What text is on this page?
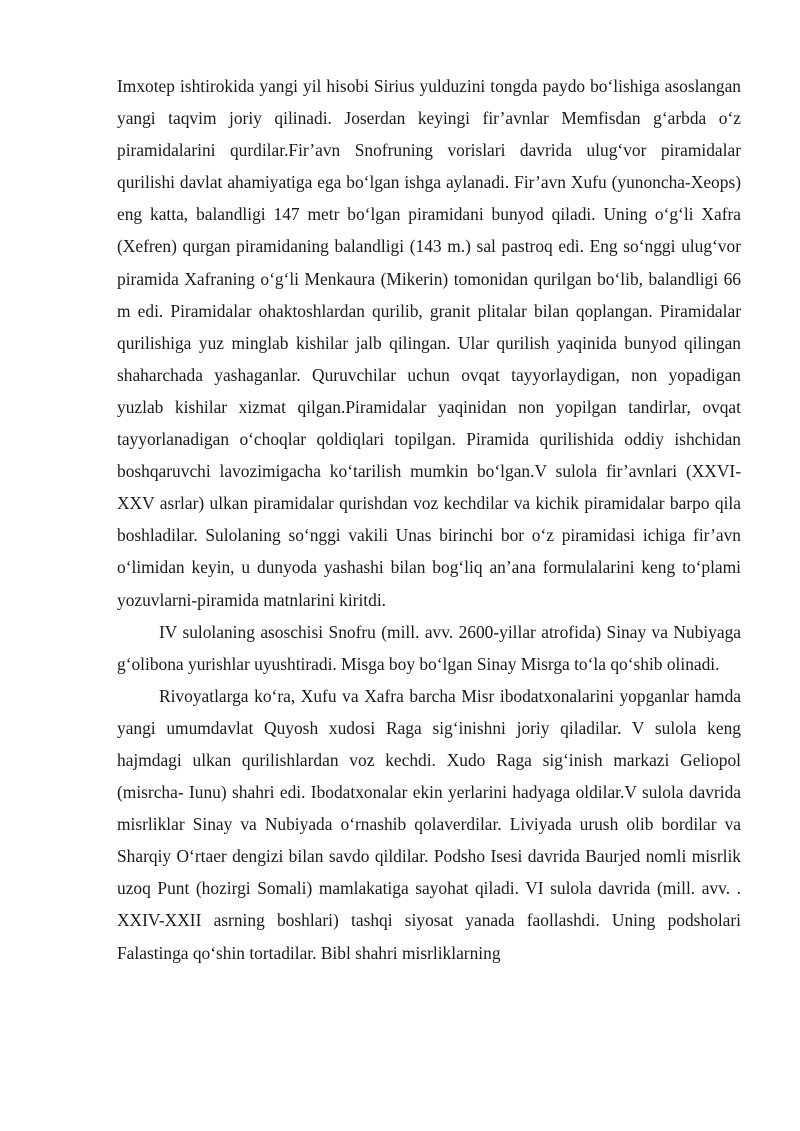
Imxotep ishtirokida yangi yil hisobi Sirius yulduzini tongda paydo bo‘lishiga asoslangan yangi taqvim joriy qilinadi. Joserdan keyingi fir’avnlar Memfisdan g‘arbda o‘z piramidalarini qurdilar.Fir’avn Snofruning vorislari davrida ulug‘vor piramidalar qurilishi davlat ahamiyatiga ega bo‘lgan ishga aylanadi. Fir’avn Xufu (yunoncha-Xeops) eng katta, balandligi 147 metr bo‘lgan piramidani bunyod qiladi. Uning o‘g‘li Xafra (Xefren) qurgan piramidaning balandligi (143 m.) sal pastroq edi. Eng so‘nggi ulug‘vor piramida Xafraning o‘g‘li Menkaura (Mikerin) tomonidan qurilgan bo‘lib, balandligi 66 m edi. Piramidalar ohaktoshlardan qurilib, granit plitalar bilan qoplangan. Piramidalar qurilishiga yuz minglab kishilar jalb qilingan. Ular qurilish yaqinida bunyod qilingan shaharchada yashaganlar. Quruvchilar uchun ovqat tayyorlaydigan, non yopadigan yuzlab kishilar xizmat qilgan.Piramidalar yaqinidan non yopilgan tandirlar, ovqat tayyorlanadigan o‘choqlar qoldiqlari topilgan. Piramida qurilishida oddiy ishchidan boshqaruvchi lavozimigacha ko‘tarilish mumkin bo‘lgan.V sulola fir’avnlari (XXVI-XXV asrlar) ulkan piramidalar qurishdan voz kechdilar va kichik piramidalar barpo qila boshladilar. Sulolaning so‘nggi vakili Unas birinchi bor o‘z piramidasi ichiga fir’avn o‘limidan keyin, u dunyoda yashashi bilan bog‘liq an’ana formulalarini keng to‘plami yozuvlarni-piramida matnlarini kiritdi.

IV sulolaning asoschisi Snofru (mill. avv. 2600-yillar atrofida) Sinay va Nubiyaga g‘olibona yurishlar uyushtiradi. Misga boy bo‘lgan Sinay Misrga to‘la qo‘shib olinadi.

Rivoyatlarga ko‘ra, Xufu va Xafra barcha Misr ibodatxonalarini yopganlar hamda yangi umumdavlat Quyosh xudosi Raga sig‘inishni joriy qiladilar. V sulola keng hajmdagi ulkan qurilishlardan voz kechdi. Xudo Raga sig‘inish markazi Geliopol (misrcha- Iunu) shahri edi. Ibodatxonalar ekin yerlarini hadyaga oldilar.V sulola davrida misrliklar Sinay va Nubiyada o‘rnashib qolaverdilar. Liviyada urush olib bordilar va Sharqiy O‘rtaer dengizi bilan savdo qildilar. Podsho Isesi davrida Baurjed nomli misrlik uzoq Punt (hozirgi Somali) mamlakatiga sayohat qiladi. VI sulola davrida (mill. avv. . XXIV-XXII asrning boshlari) tashqi siyosat yanada faollashdi. Uning podsholari Falastinga qo‘shin tortadilar. Bibl shahri misrliklarning
